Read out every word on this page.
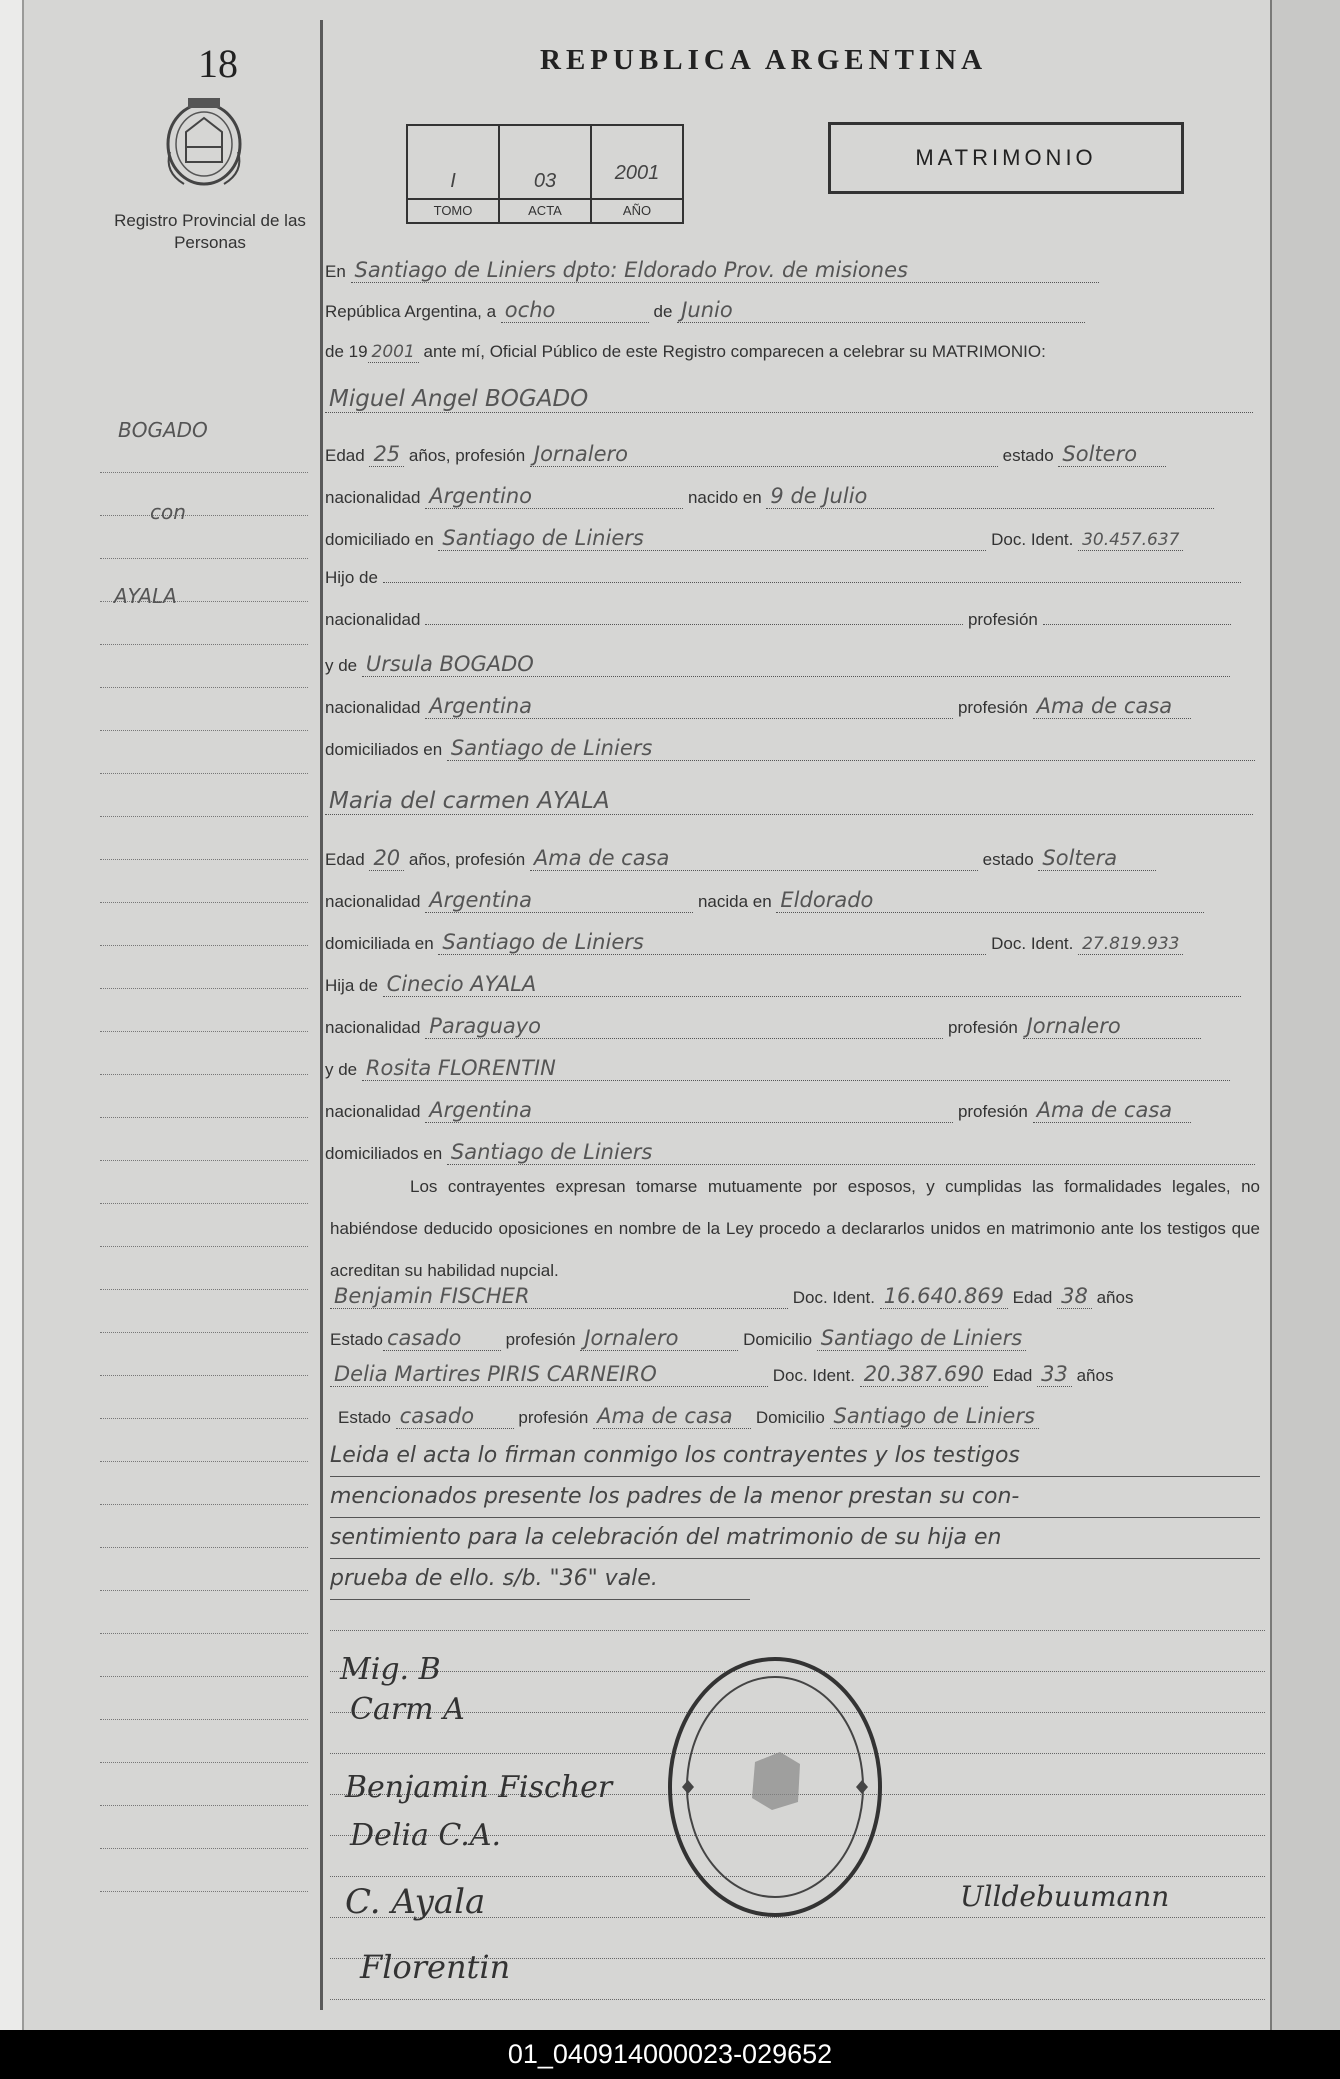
18
Registro Provincial de las Personas
BOGADO
con
AYALA
REPUBLICA ARGENTINA
I
TOMO
03
ACTA
2001
AÑO
MATRIMONIO
En Santiago de Liniers dpto: Eldorado Prov. de misiones
República Argentina, a ocho	de Junio
de 19 2001 ante mí, Oficial Público de este Registro comparecen a celebrar su MATRIMONIO:
Miguel Angel BOGADO
Edad 25 años, profesión Jornalero	estado Soltero
nacionalidad Argentino	nacido en 9 de Julio
domiciliado en Santiago de Liniers	Doc. Ident. 30.457.637
Hijo de
nacionalidad	profesión
y de Ursula BOGADO
nacionalidad Argentina	profesión Ama de casa
domiciliados en Santiago de Liniers
Maria del carmen AYALA
Edad 20 años, profesión Ama de casa	estado Soltera
nacionalidad Argentina	nacida en Eldorado
domiciliada en Santiago de Liniers	Doc. Ident. 27.819.933
Hija de Cinecio AYALA
nacionalidad Paraguayo	profesión Jornalero
y de Rosita FLORENTIN
nacionalidad Argentina	profesión Ama de casa
domiciliados en Santiago de Liniers
Los contrayentes expresan tomarse mutuamente por esposos, y cumplidas las formalidades legales, no habiéndose deducido oposiciones en nombre de la Ley procedo a declararlos unidos en matrimonio ante los testigos que acreditan su habilidad nupcial.
Benjamin FISCHER	Doc. Ident. 16.640.869 Edad 38 años
Estado casado	profesión Jornalero	Domicilio Santiago de Liniers
Delia Martires PIRIS CARNEIRO	Doc. Ident. 20.387.690 Edad 33 años
Estado casado	profesión Ama de casa Domicilio Santiago de Liniers
Leida el acta lo firman conmigo los contrayentes y los testigos
mencionados presente los padres de la menor prestan su con-
sentimiento para la celebración del matrimonio de su hija en
prueba de ello. s/b. "36" vale.
Mig. B
Carm A
Benjamin Fischer
Delia C.A.
C. Ayala
Florentin
Ulldebuumann
01_040914000023-029652
